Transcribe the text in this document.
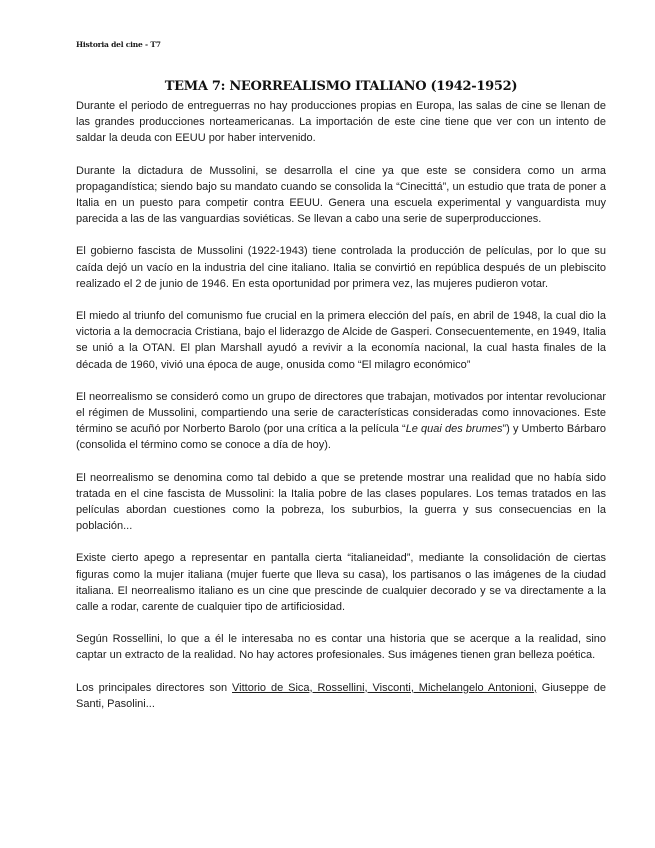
Historia del cine - T7
TEMA 7: NEORREALISMO ITALIANO (1942-1952)

Durante el periodo de entreguerras no hay producciones propias en Europa, las salas de cine se llenan de las grandes producciones norteamericanas. La importación de este cine tiene que ver con un intento de saldar la deuda con EEUU por haber intervenido.

Durante la dictadura de Mussolini, se desarrolla el cine ya que este se considera como un arma propagandística; siendo bajo su mandato cuando se consolida la “Cinecittá”, un estudio que trata de poner a Italia en un puesto para competir contra EEUU. Genera una escuela experimental y vanguardista muy parecida a las de las vanguardias soviéticas. Se llevan a cabo una serie de superproducciones.

El gobierno fascista de Mussolini (1922-1943) tiene controlada la producción de películas, por lo que su caída dejó un vacío en la industria del cine italiano. Italia se convirtió en república después de un plebiscito realizado el 2 de junio de 1946. En esta oportunidad por primera vez, las mujeres pudieron votar.

El miedo al triunfo del comunismo fue crucial en la primera elección del país, en abril de 1948, la cual dio la victoria a la democracia Cristiana, bajo el liderazgo de Alcide de Gasperi. Consecuentemente, en 1949, Italia se unió a la OTAN. El plan Marshall ayudó a revivir a la economía nacional, la cual hasta finales de la década de 1960, vivió una época de auge, onusida como “El milagro económico”

El neorrealismo se consideró como un grupo de directores que trabajan, motivados por intentar revolucionar el régimen de Mussolini, compartiendo una serie de características consideradas como innovaciones. Este término se acuñó por Norberto Barolo (por una crítica a la película “Le quai des brumes”) y Umberto Bárbaro (consolida el término como se conoce a día de hoy).

El neorrealismo se denomina como tal debido a que se pretende mostrar una realidad que no había sido tratada en el cine fascista de Mussolini: la Italia pobre de las clases populares. Los temas tratados en las películas abordan cuestiones como la pobreza, los suburbios, la guerra y sus consecuencias en la población...

Existe cierto apego a representar en pantalla cierta “italianeidad”, mediante la consolidación de ciertas figuras como la mujer italiana (mujer fuerte que lleva su casa), los partisanos o las imágenes de la ciudad italiana. El neorrealismo italiano es un cine que prescinde de cualquier decorado y se va directamente a la calle a rodar, carente de cualquier tipo de artificiosidad.

Según Rossellini, lo que a él le interesaba no es contar una historia que se acerque a la realidad, sino captar un extracto de la realidad. No hay actores profesionales. Sus imágenes tienen gran belleza poética.

Los principales directores son Vittorio de Sica, Rossellini, Visconti, Michelangelo Antonioni, Giuseppe de Santi, Pasolini...
